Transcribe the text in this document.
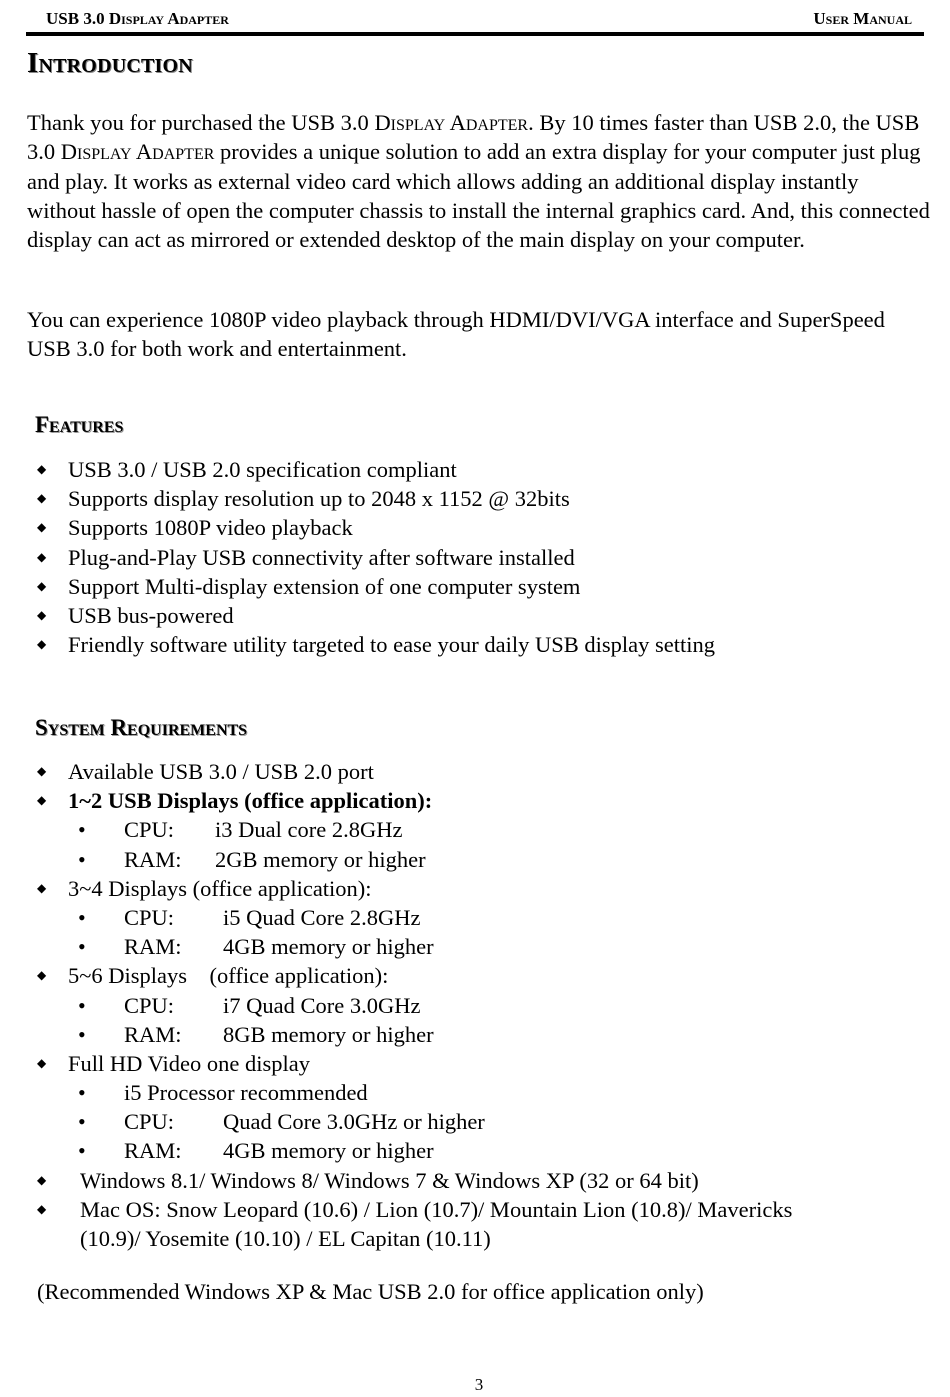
USB 3.0 Display Adapter	User Manual
Introduction

Thank you for purchased the USB 3.0 Display Adapter. By 10 times faster than USB 2.0, the USB 3.0 Display Adapter provides a unique solution to add an extra display for your computer just plug and play. It works as external video card which allows adding an additional display instantly without hassle of open the computer chassis to install the internal graphics card. And, this connected display can act as mirrored or extended desktop of the main display on your computer.

You can experience 1080P video playback through HDMI/DVI/VGA interface and SuperSpeed USB 3.0 for both work and entertainment.

Features
◆ USB 3.0 / USB 2.0 specification compliant
◆ Supports display resolution up to 2048 x 1152 @ 32bits
◆ Supports 1080P video playback
◆ Plug-and-Play USB connectivity after software installed
◆ Support Multi-display extension of one computer system
◆ USB bus-powered
◆ Friendly software utility targeted to ease your daily USB display setting
System Requirements
◆ Available USB 3.0 / USB 2.0 port
◆ 1~2 USB Displays (office application):
• CPU: i3 Dual core 2.8GHz
• RAM: 2GB memory or higher
◆ 3~4 Displays (office application):
• CPU: i5 Quad Core 2.8GHz
• RAM: 4GB memory or higher
◆ 5~6 Displays    (office application):
• CPU: i7 Quad Core 3.0GHz
• RAM: 8GB memory or higher
◆ Full HD Video one display
• i5 Processor recommended
• CPU: Quad Core 3.0GHz or higher
• RAM: 4GB memory or higher
◆ Windows 8.1/ Windows 8/ Windows 7 & Windows XP (32 or 64 bit)
◆ Mac OS: Snow Leopard (10.6) / Lion (10.7)/ Mountain Lion (10.8)/ Mavericks
(10.9)/ Yosemite (10.10) / EL Capitan (10.11)
(Recommended Windows XP & Mac USB 2.0 for office application only)
3
